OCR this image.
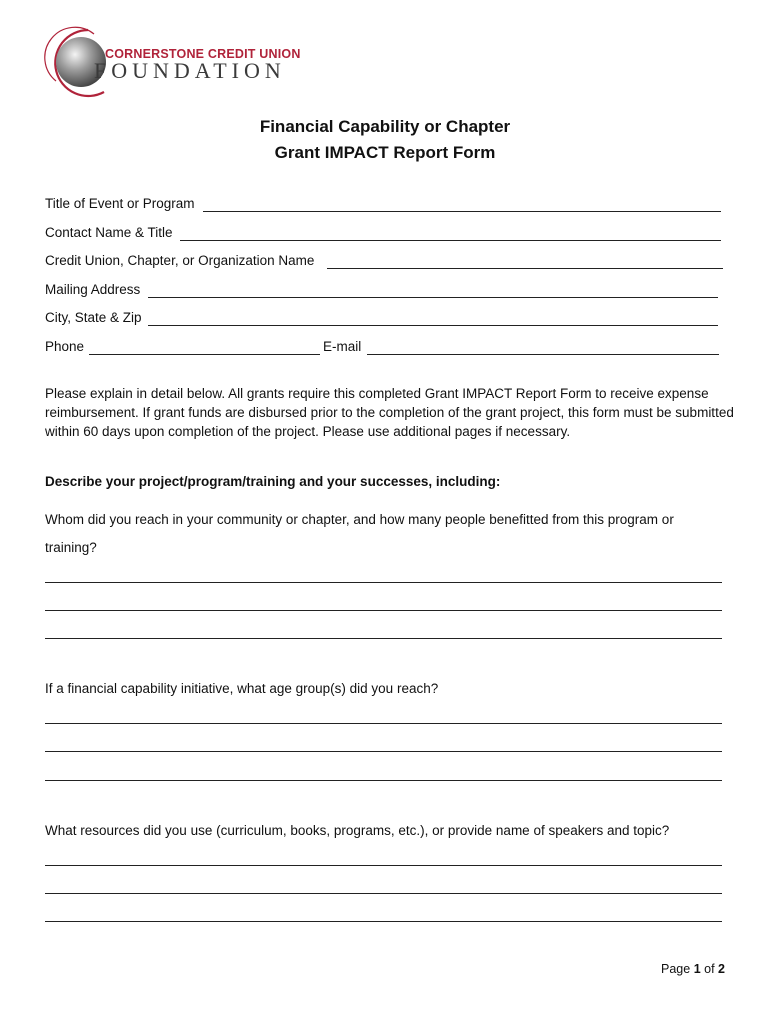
CORNERSTONE CREDIT UNION
FOUNDATION
Financial Capability or Chapter
Grant IMPACT Report Form
Title of Event or Program
Contact Name & Title
Credit Union, Chapter, or Organization Name
Mailing Address
City, State & Zip
Phone	E-mail
Please explain in detail below. All grants require this completed Grant IMPACT Report Form to receive expense reimbursement. If grant funds are disbursed prior to the completion of the grant project, this form must be submitted within 60 days upon completion of the project. Please use additional pages if necessary.
Describe your project/program/training and your successes, including:
Whom did you reach in your community or chapter, and how many people benefitted from this program or training?
If a financial capability initiative, what age group(s) did you reach?
What resources did you use (curriculum, books, programs, etc.), or provide name of speakers and topic?
Page 1 of 2
